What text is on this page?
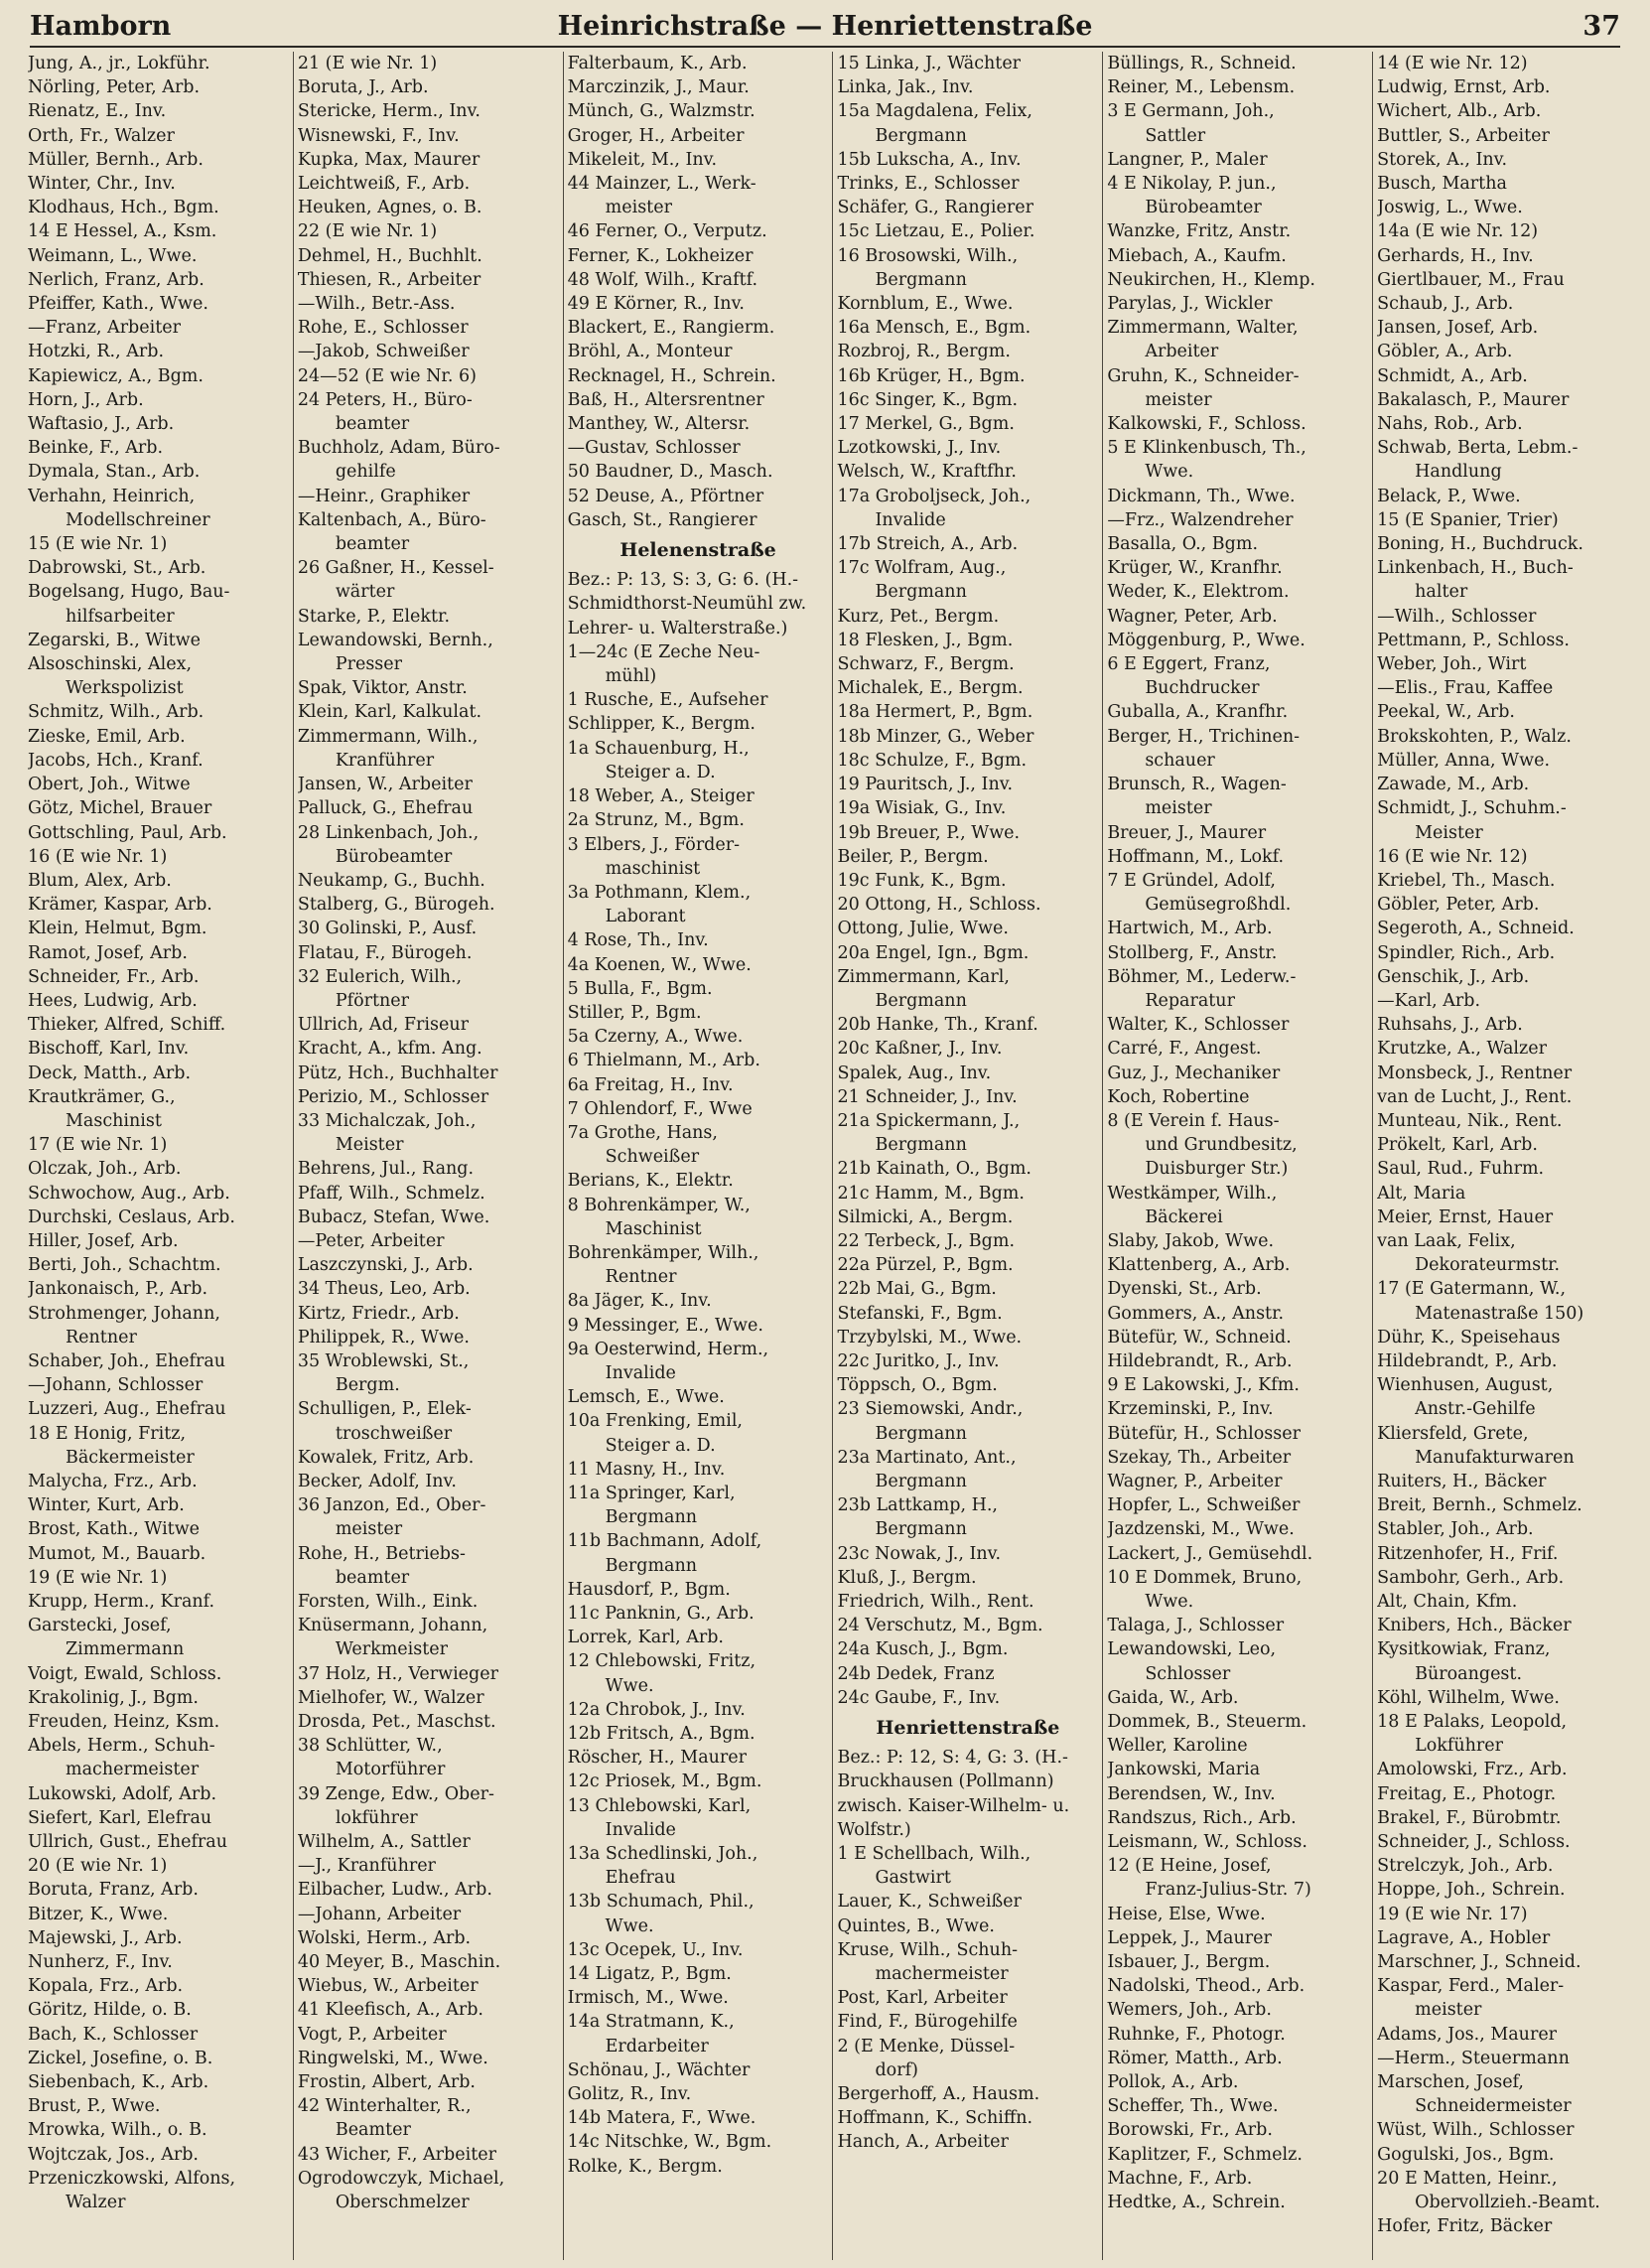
Hamborn	Heinrichstraße — Henriettenstraße	37
Jung, A., jr., Lokführ.
Nörling, Peter, Arb.
Rienatz, E., Inv.
Orth, Fr., Walzer
Müller, Bernh., Arb.
Winter, Chr., Inv.
Klodhaus, Hch., Bgm.
14 E Hessel, A., Ksm.
Weimann, L., Wwe.
Nerlich, Franz, Arb.
Pfeiffer, Kath., Wwe.
—Franz, Arbeiter
Hotzki, R., Arb.
Kapiewicz, A., Bgm.
Horn, J., Arb.
Waftasio, J., Arb.
Beinke, F., Arb.
Dymala, Stan., Arb.
Verhahn, Heinrich,
Modellschreiner
15 (E wie Nr. 1)
Dabrowski, St., Arb.
Bogelsang, Hugo, Bau-
hilfsarbeiter
Zegarski, B., Witwe
Alsoschinski, Alex,
Werkspolizist
Schmitz, Wilh., Arb.
Zieske, Emil, Arb.
Jacobs, Hch., Kranf.
Obert, Joh., Witwe
Götz, Michel, Brauer
Gottschling, Paul, Arb.
16 (E wie Nr. 1)
Blum, Alex, Arb.
Krämer, Kaspar, Arb.
Klein, Helmut, Bgm.
Ramot, Josef, Arb.
Schneider, Fr., Arb.
Hees, Ludwig, Arb.
Thieker, Alfred, Schiff.
Bischoff, Karl, Inv.
Deck, Matth., Arb.
Krautkrämer, G.,
Maschinist
17 (E wie Nr. 1)
Olczak, Joh., Arb.
Schwochow, Aug., Arb.
Durchski, Ceslaus, Arb.
Hiller, Josef, Arb.
Berti, Joh., Schachtm.
Jankonaisch, P., Arb.
Strohmenger, Johann,
Rentner
Schaber, Joh., Ehefrau
—Johann, Schlosser
Luzzeri, Aug., Ehefrau
18 E Honig, Fritz,
Bäckermeister
Malycha, Frz., Arb.
Winter, Kurt, Arb.
Brost, Kath., Witwe
Mumot, M., Bauarb.
19 (E wie Nr. 1)
Krupp, Herm., Kranf.
Garstecki, Josef,
Zimmermann
Voigt, Ewald, Schloss.
Krakolinig, J., Bgm.
Freuden, Heinz, Ksm.
Abels, Herm., Schuh-
machermeister
Lukowski, Adolf, Arb.
Siefert, Karl, Elefrau
Ullrich, Gust., Ehefrau
20 (E wie Nr. 1)
Boruta, Franz, Arb.
Bitzer, K., Wwe.
Majewski, J., Arb.
Nunherz, F., Inv.
Kopala, Frz., Arb.
Göritz, Hilde, o. B.
Bach, K., Schlosser
Zickel, Josefine, o. B.
Siebenbach, K., Arb.
Brust, P., Wwe.
Mrowka, Wilh., o. B.
Wojtczak, Jos., Arb.
Przeniczkowski, Alfons,
Walzer
21 (E wie Nr. 1)
Boruta, J., Arb.
Stericke, Herm., Inv.
Wisnewski, F., Inv.
Kupka, Max, Maurer
Leichtweiß, F., Arb.
Heuken, Agnes, o. B.
22 (E wie Nr. 1)
Dehmel, H., Buchhlt.
Thiesen, R., Arbeiter
—Wilh., Betr.-Ass.
Rohe, E., Schlosser
—Jakob, Schweißer
24—52 (E wie Nr. 6)
24 Peters, H., Büro-
beamter
Buchholz, Adam, Büro-
gehilfe
—Heinr., Graphiker
Kaltenbach, A., Büro-
beamter
26 Gaßner, H., Kessel-
wärter
Starke, P., Elektr.
Lewandowski, Bernh.,
Presser
Spak, Viktor, Anstr.
Klein, Karl, Kalkulat.
Zimmermann, Wilh.,
Kranführer
Jansen, W., Arbeiter
Palluck, G., Ehefrau
28 Linkenbach, Joh.,
Bürobeamter
Neukamp, G., Buchh.
Stalberg, G., Bürogeh.
30 Golinski, P., Ausf.
Flatau, F., Bürogeh.
32 Eulerich, Wilh.,
Pförtner
Ullrich, Ad, Friseur
Kracht, A., kfm. Ang.
Pütz, Hch., Buchhalter
Perizio, M., Schlosser
33 Michalczak, Joh.,
Meister
Behrens, Jul., Rang.
Pfaff, Wilh., Schmelz.
Bubacz, Stefan, Wwe.
—Peter, Arbeiter
Laszczynski, J., Arb.
34 Theus, Leo, Arb.
Kirtz, Friedr., Arb.
Philippek, R., Wwe.
35 Wroblewski, St.,
Bergm.
Schulligen, P., Elek-
troschweißer
Kowalek, Fritz, Arb.
Becker, Adolf, Inv.
36 Janzon, Ed., Ober-
meister
Rohe, H., Betriebs-
beamter
Forsten, Wilh., Eink.
Knüsermann, Johann,
Werkmeister
37 Holz, H., Verwieger
Mielhofer, W., Walzer
Drosda, Pet., Maschst.
38 Schlütter, W.,
Motorführer
39 Zenge, Edw., Ober-
lokführer
Wilhelm, A., Sattler
—J., Kranführer
Eilbacher, Ludw., Arb.
—Johann, Arbeiter
Wolski, Herm., Arb.
40 Meyer, B., Maschin.
Wiebus, W., Arbeiter
41 Kleefisch, A., Arb.
Vogt, P., Arbeiter
Ringwelski, M., Wwe.
Frostin, Albert, Arb.
42 Winterhalter, R.,
Beamter
43 Wicher, F., Arbeiter
Ogrodowczyk, Michael,
Oberschmelzer
Falterbaum, K., Arb.
Marczinzik, J., Maur.
Münch, G., Walzmstr.
Groger, H., Arbeiter
Mikeleit, M., Inv.
44 Mainzer, L., Werk-
meister
46 Ferner, O., Verputz.
Ferner, K., Lokheizer
48 Wolf, Wilh., Kraftf.
49 E Körner, R., Inv.
Blackert, E., Rangierm.
Bröhl, A., Monteur
Recknagel, H., Schrein.
Baß, H., Altersrentner
Manthey, W., Altersr.
—Gustav, Schlosser
50 Baudner, D., Masch.
52 Deuse, A., Pförtner
Gasch, St., Rangierer
Helenenstraße
Bez.: P: 13, S: 3, G: 6. (H.-Schmidthorst-Neumühl zw. Lehrer- u. Walterstraße.)
1—24c (E Zeche Neu-
mühl)
1 Rusche, E., Aufseher
Schlipper, K., Bergm.
1a Schauenburg, H.,
Steiger a. D.
18 Weber, A., Steiger
2a Strunz, M., Bgm.
3 Elbers, J., Förder-
maschinist
3a Pothmann, Klem.,
Laborant
4 Rose, Th., Inv.
4a Koenen, W., Wwe.
5 Bulla, F., Bgm.
Stiller, P., Bgm.
5a Czerny, A., Wwe.
6 Thielmann, M., Arb.
6a Freitag, H., Inv.
7 Ohlendorf, F., Wwe
7a Grothe, Hans,
Schweißer
Berians, K., Elektr.
8 Bohrenkämper, W.,
Maschinist
Bohrenkämper, Wilh.,
Rentner
8a Jäger, K., Inv.
9 Messinger, E., Wwe.
9a Oesterwind, Herm.,
Invalide
Lemsch, E., Wwe.
10a Frenking, Emil,
Steiger a. D.
11 Masny, H., Inv.
11a Springer, Karl,
Bergmann
11b Bachmann, Adolf,
Bergmann
Hausdorf, P., Bgm.
11c Panknin, G., Arb.
Lorrek, Karl, Arb.
12 Chlebowski, Fritz,
Wwe.
12a Chrobok, J., Inv.
12b Fritsch, A., Bgm.
Röscher, H., Maurer
12c Priosek, M., Bgm.
13 Chlebowski, Karl,
Invalide
13a Schedlinski, Joh.,
Ehefrau
13b Schumach, Phil.,
Wwe.
13c Ocepek, U., Inv.
14 Ligatz, P., Bgm.
Irmisch, M., Wwe.
14a Stratmann, K.,
Erdarbeiter
Schönau, J., Wächter
Golitz, R., Inv.
14b Matera, F., Wwe.
14c Nitschke, W., Bgm.
Rolke, K., Bergm.
15 Linka, J., Wächter
Linka, Jak., Inv.
15a Magdalena, Felix,
Bergmann
15b Lukscha, A., Inv.
Trinks, E., Schlosser
Schäfer, G., Rangierer
15c Lietzau, E., Polier.
16 Brosowski, Wilh.,
Bergmann
Kornblum, E., Wwe.
16a Mensch, E., Bgm.
Rozbroj, R., Bergm.
16b Krüger, H., Bgm.
16c Singer, K., Bgm.
17 Merkel, G., Bgm.
Lzotkowski, J., Inv.
Welsch, W., Kraftfhr.
17a Groboljseck, Joh.,
Invalide
17b Streich, A., Arb.
17c Wolfram, Aug.,
Bergmann
Kurz, Pet., Bergm.
18 Flesken, J., Bgm.
Schwarz, F., Bergm.
Michalek, E., Bergm.
18a Hermert, P., Bgm.
18b Minzer, G., Weber
18c Schulze, F., Bgm.
19 Pauritsch, J., Inv.
19a Wisiak, G., Inv.
19b Breuer, P., Wwe.
Beiler, P., Bergm.
19c Funk, K., Bgm.
20 Ottong, H., Schloss.
Ottong, Julie, Wwe.
20a Engel, Ign., Bgm.
Zimmermann, Karl,
Bergmann
20b Hanke, Th., Kranf.
20c Kaßner, J., Inv.
Spalek, Aug., Inv.
21 Schneider, J., Inv.
21a Spickermann, J.,
Bergmann
21b Kainath, O., Bgm.
21c Hamm, M., Bgm.
Silmicki, A., Bergm.
22 Terbeck, J., Bgm.
22a Pürzel, P., Bgm.
22b Mai, G., Bgm.
Stefanski, F., Bgm.
Trzybylski, M., Wwe.
22c Juritko, J., Inv.
Töppsch, O., Bgm.
23 Siemowski, Andr.,
Bergmann
23a Martinato, Ant.,
Bergmann
23b Lattkamp, H.,
Bergmann
23c Nowak, J., Inv.
Kluß, J., Bergm.
Friedrich, Wilh., Rent.
24 Verschutz, M., Bgm.
24a Kusch, J., Bgm.
24b Dedek, Franz
24c Gaube, F., Inv.
Henriettenstraße
Bez.: P: 12, S: 4, G: 3. (H.-Bruckhausen (Pollmann) zwisch. Kaiser-Wilhelm- u. Wolfstr.)
1 E Schellbach, Wilh.,
Gastwirt
Lauer, K., Schweißer
Quintes, B., Wwe.
Kruse, Wilh., Schuh-
machermeister
Post, Karl, Arbeiter
Find, F., Bürogehilfe
2 (E Menke, Düssel-
dorf)
Bergerhoff, A., Hausm.
Hoffmann, K., Schiffn.
Hanch, A., Arbeiter
Büllings, R., Schneid.
Reiner, M., Lebensm.
3 E Germann, Joh.,
Sattler
Langner, P., Maler
4 E Nikolay, P. jun.,
Bürobeamter
Wanzke, Fritz, Anstr.
Miebach, A., Kaufm.
Neukirchen, H., Klemp.
Parylas, J., Wickler
Zimmermann, Walter,
Arbeiter
Gruhn, K., Schneider-
meister
Kalkowski, F., Schloss.
5 E Klinkenbusch, Th.,
Wwe.
Dickmann, Th., Wwe.
—Frz., Walzendreher
Basalla, O., Bgm.
Krüger, W., Kranfhr.
Weder, K., Elektrom.
Wagner, Peter, Arb.
Möggenburg, P., Wwe.
6 E Eggert, Franz,
Buchdrucker
Guballa, A., Kranfhr.
Berger, H., Trichinen-
schauer
Brunsch, R., Wagen-
meister
Breuer, J., Maurer
Hoffmann, M., Lokf.
7 E Gründel, Adolf,
Gemüsegroßhdl.
Hartwich, M., Arb.
Stollberg, F., Anstr.
Böhmer, M., Lederw.-
Reparatur
Walter, K., Schlosser
Carré, F., Angest.
Guz, J., Mechaniker
Koch, Robertine
8 (E Verein f. Haus-
und Grundbesitz,
Duisburger Str.)
Westkämper, Wilh.,
Bäckerei
Slaby, Jakob, Wwe.
Klattenberg, A., Arb.
Dyenski, St., Arb.
Gommers, A., Anstr.
Bütefür, W., Schneid.
Hildebrandt, R., Arb.
9 E Lakowski, J., Kfm.
Krzeminski, P., Inv.
Bütefür, H., Schlosser
Szekay, Th., Arbeiter
Wagner, P., Arbeiter
Hopfer, L., Schweißer
Jazdzenski, M., Wwe.
Lackert, J., Gemüsehdl.
10 E Dommek, Bruno,
Wwe.
Talaga, J., Schlosser
Lewandowski, Leo,
Schlosser
Gaida, W., Arb.
Dommek, B., Steuerm.
Weller, Karoline
Jankowski, Maria
Berendsen, W., Inv.
Randszus, Rich., Arb.
Leismann, W., Schloss.
12 (E Heine, Josef,
Franz-Julius-Str. 7)
Heise, Else, Wwe.
Leppek, J., Maurer
Isbauer, J., Bergm.
Nadolski, Theod., Arb.
Wemers, Joh., Arb.
Ruhnke, F., Photogr.
Römer, Matth., Arb.
Pollok, A., Arb.
Scheffer, Th., Wwe.
Borowski, Fr., Arb.
Kaplitzer, F., Schmelz.
Machne, F., Arb.
Hedtke, A., Schrein.
14 (E wie Nr. 12)
Ludwig, Ernst, Arb.
Wichert, Alb., Arb.
Buttler, S., Arbeiter
Storek, A., Inv.
Busch, Martha
Joswig, L., Wwe.
14a (E wie Nr. 12)
Gerhards, H., Inv.
Giertlbauer, M., Frau
Schaub, J., Arb.
Jansen, Josef, Arb.
Göbler, A., Arb.
Schmidt, A., Arb.
Bakalasch, P., Maurer
Nahs, Rob., Arb.
Schwab, Berta, Lebm.-
Handlung
Belack, P., Wwe.
15 (E Spanier, Trier)
Boning, H., Buchdruck.
Linkenbach, H., Buch-
halter
—Wilh., Schlosser
Pettmann, P., Schloss.
Weber, Joh., Wirt
—Elis., Frau, Kaffee
Peekal, W., Arb.
Brokskohten, P., Walz.
Müller, Anna, Wwe.
Zawade, M., Arb.
Schmidt, J., Schuhm.-
Meister
16 (E wie Nr. 12)
Kriebel, Th., Masch.
Göbler, Peter, Arb.
Segeroth, A., Schneid.
Spindler, Rich., Arb.
Genschik, J., Arb.
—Karl, Arb.
Ruhsahs, J., Arb.
Krutzke, A., Walzer
Monsbeck, J., Rentner
van de Lucht, J., Rent.
Munteau, Nik., Rent.
Prökelt, Karl, Arb.
Saul, Rud., Fuhrm.
Alt, Maria
Meier, Ernst, Hauer
van Laak, Felix,
Dekorateurmstr.
17 (E Gatermann, W.,
Matenastraße 150)
Dühr, K., Speisehaus
Hildebrandt, P., Arb.
Wienhusen, August,
Anstr.-Gehilfe
Kliersfeld, Grete,
Manufakturwaren
Ruiters, H., Bäcker
Breit, Bernh., Schmelz.
Stabler, Joh., Arb.
Ritzenhofer, H., Frif.
Sambohr, Gerh., Arb.
Alt, Chain, Kfm.
Knibers, Hch., Bäcker
Kysitkowiak, Franz,
Büroangest.
Köhl, Wilhelm, Wwe.
18 E Palaks, Leopold,
Lokführer
Amolowski, Frz., Arb.
Freitag, E., Photogr.
Brakel, F., Bürobmtr.
Schneider, J., Schloss.
Strelczyk, Joh., Arb.
Hoppe, Joh., Schrein.
19 (E wie Nr. 17)
Lagrave, A., Hobler
Marschner, J., Schneid.
Kaspar, Ferd., Maler-
meister
Adams, Jos., Maurer
—Herm., Steuermann
Marschen, Josef,
Schneidermeister
Wüst, Wilh., Schlosser
Gogulski, Jos., Bgm.
20 E Matten, Heinr.,
Obervollzieh.-Beamt.
Hofer, Fritz, Bäcker
